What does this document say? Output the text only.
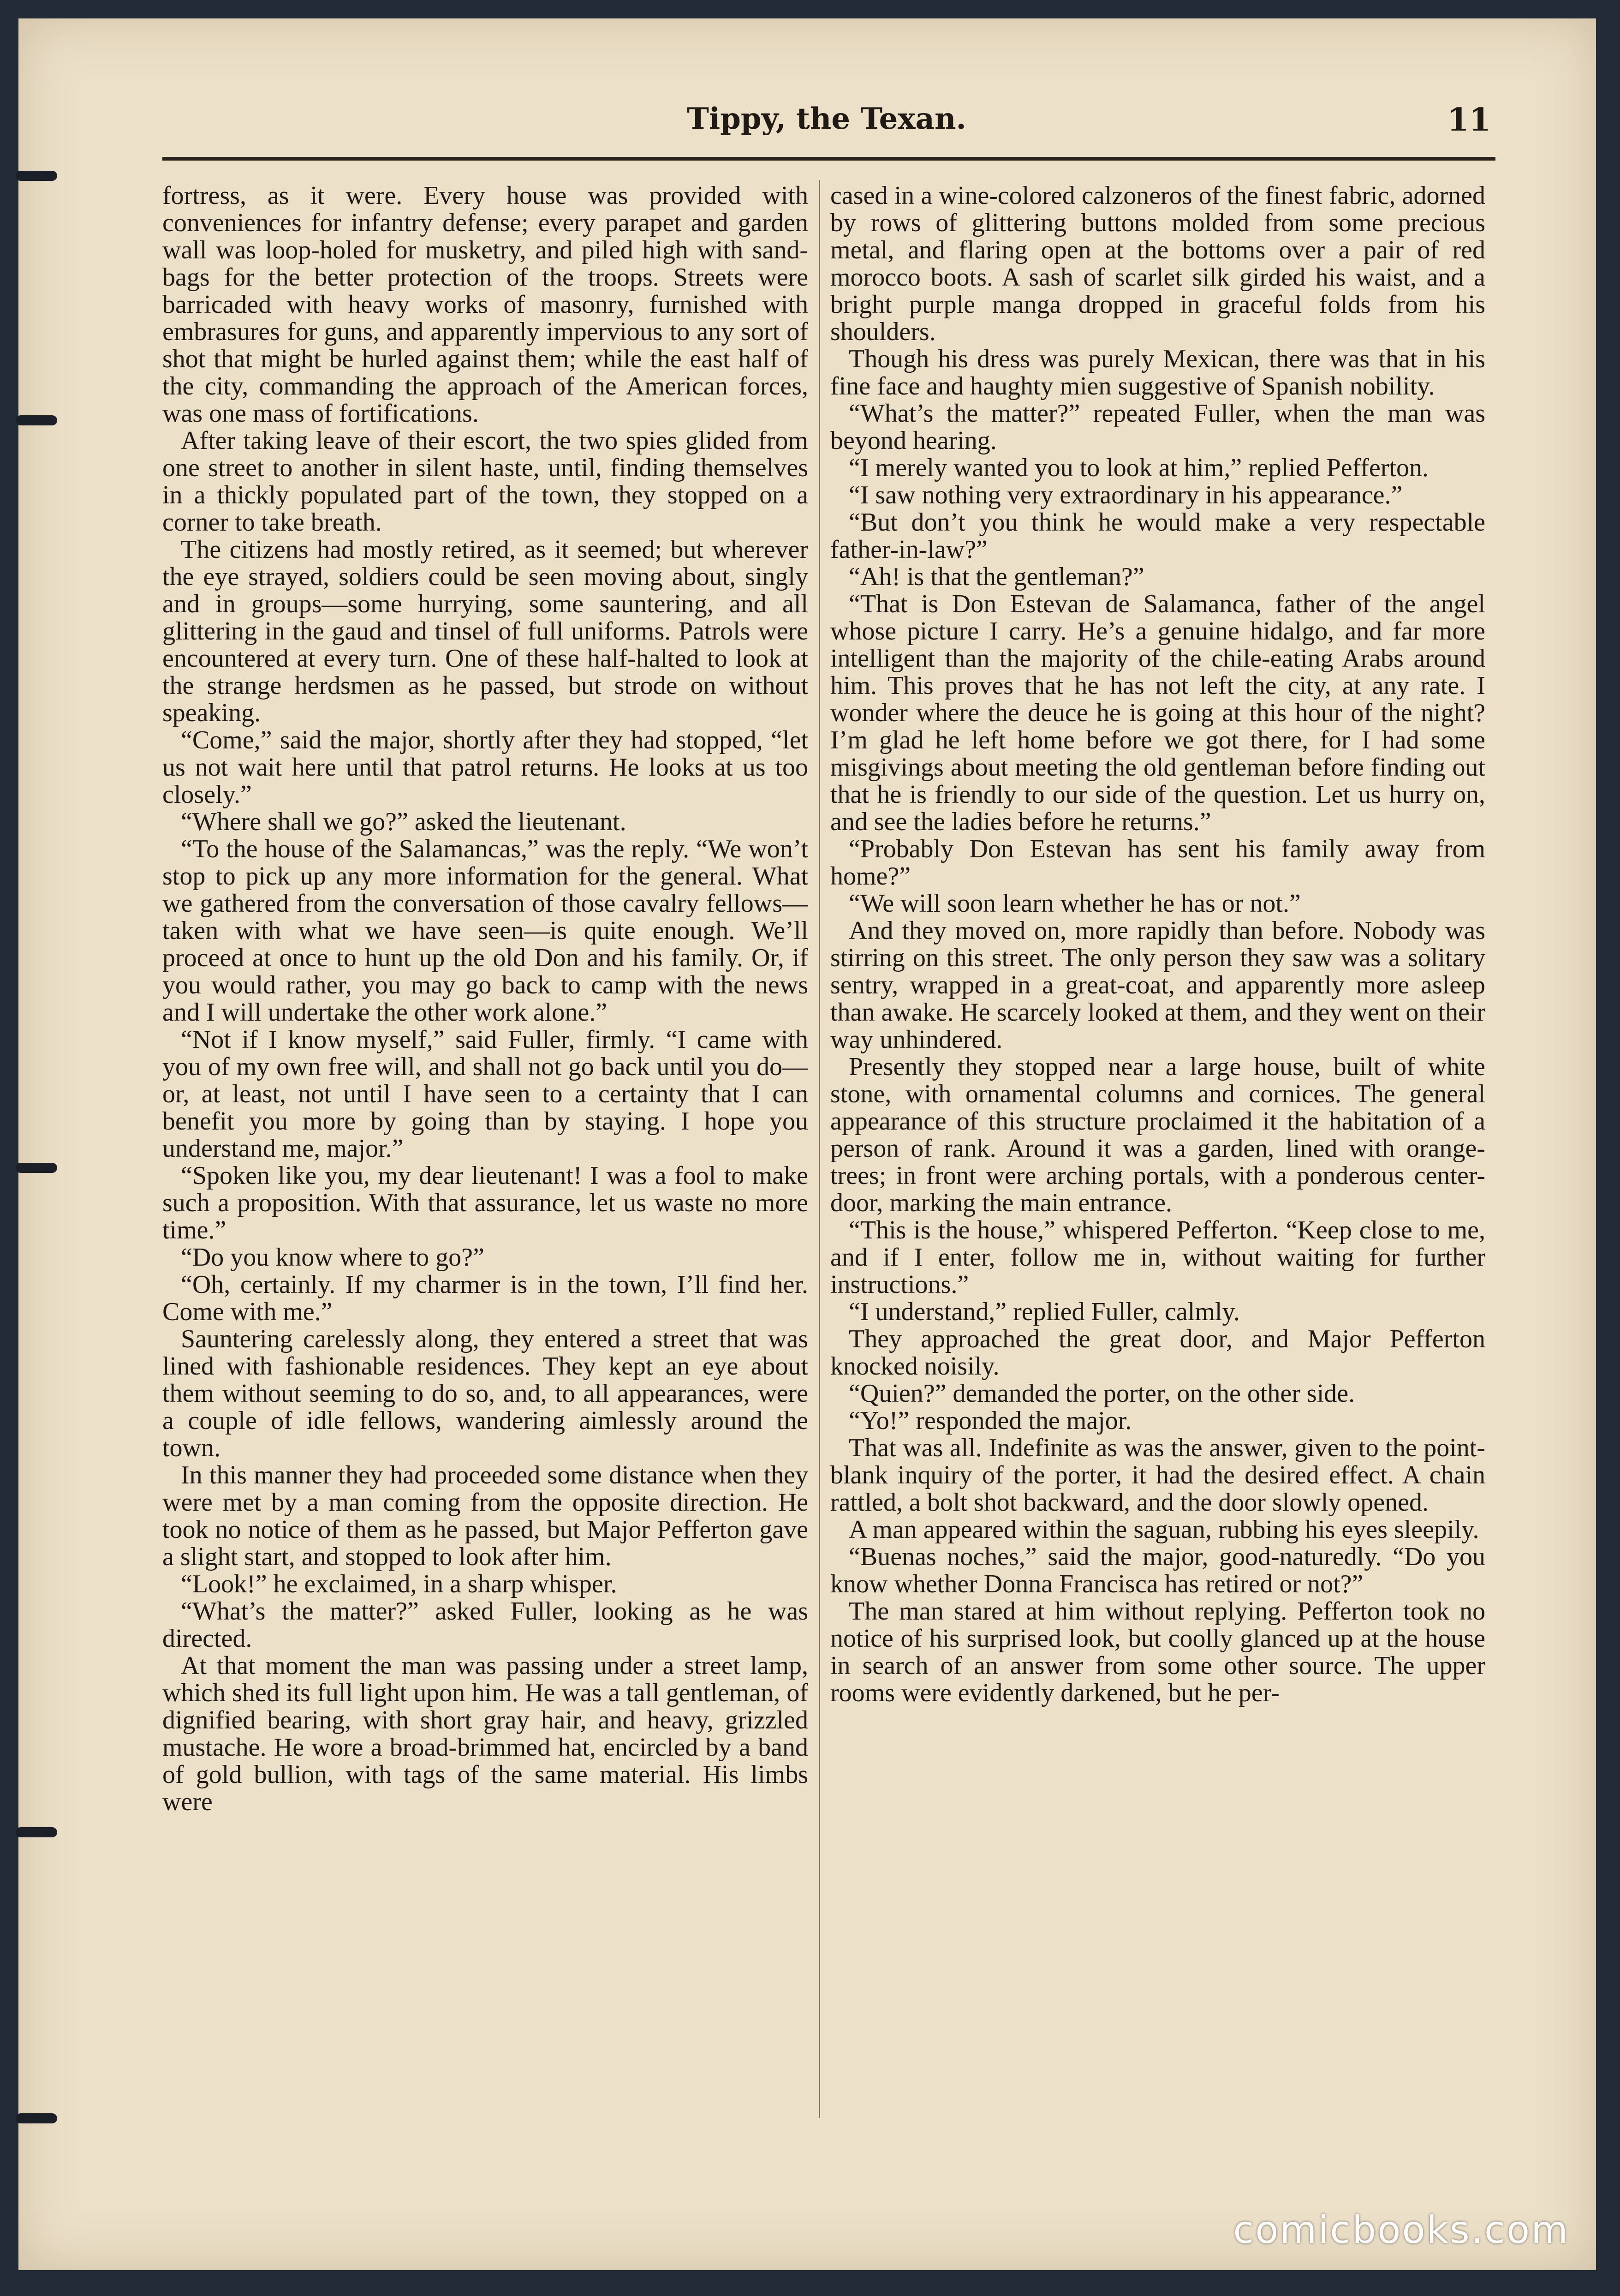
Tippy, the Texan.	11

fortress, as it were. Every house was provided with conveniences for infantry defense; every parapet and garden wall was loop-holed for musketry, and piled high with sand-bags for the better protection of the troops. Streets were barricaded with heavy works of masonry, furnished with embrasures for guns, and apparently impervious to any sort of shot that might be hurled against them; while the east half of the city, commanding the approach of the American forces, was one mass of fortifications.

After taking leave of their escort, the two spies glided from one street to another in silent haste, until, finding themselves in a thickly populated part of the town, they stopped on a corner to take breath.

The citizens had mostly retired, as it seemed; but wherever the eye strayed, soldiers could be seen moving about, singly and in groups—some hurrying, some sauntering, and all glittering in the gaud and tinsel of full uniforms. Patrols were encountered at every turn. One of these half-halted to look at the strange herdsmen as he passed, but strode on without speaking.

“Come,” said the major, shortly after they had stopped, “let us not wait here until that patrol returns. He looks at us too closely.”

“Where shall we go?” asked the lieutenant.

“To the house of the Salamancas,” was the reply. “We won’t stop to pick up any more information for the general. What we gathered from the conversation of those cavalry fellows—taken with what we have seen—is quite enough. We’ll proceed at once to hunt up the old Don and his family. Or, if you would rather, you may go back to camp with the news and I will undertake the other work alone.”

“Not if I know myself,” said Fuller, firmly. “I came with you of my own free will, and shall not go back until you do—or, at least, not until I have seen to a certainty that I can benefit you more by going than by staying. I hope you understand me, major.”

“Spoken like you, my dear lieutenant! I was a fool to make such a proposition. With that assurance, let us waste no more time.”

“Do you know where to go?”

“Oh, certainly. If my charmer is in the town, I’ll find her. Come with me.”

Sauntering carelessly along, they entered a street that was lined with fashionable residences. They kept an eye about them without seeming to do so, and, to all appearances, were a couple of idle fellows, wandering aimlessly around the town.

In this manner they had proceeded some distance when they were met by a man coming from the opposite direction. He took no notice of them as he passed, but Major Pefferton gave a slight start, and stopped to look after him.

“Look!” he exclaimed, in a sharp whisper.

“What’s the matter?” asked Fuller, looking as he was directed.

At that moment the man was passing under a street lamp, which shed its full light upon him. He was a tall gentleman, of dignified bearing, with short gray hair, and heavy, grizzled mustache. He wore a broad-brimmed hat, encircled by a band of gold bullion, with tags of the same material. His limbs were

cased in a wine-colored calzoneros of the finest fabric, adorned by rows of glittering buttons molded from some precious metal, and flaring open at the bottoms over a pair of red morocco boots. A sash of scarlet silk girded his waist, and a bright purple manga dropped in graceful folds from his shoulders.

Though his dress was purely Mexican, there was that in his fine face and haughty mien suggestive of Spanish nobility.

“What’s the matter?” repeated Fuller, when the man was beyond hearing.

“I merely wanted you to look at him,” replied Pefferton.

“I saw nothing very extraordinary in his appearance.”

“But don’t you think he would make a very respectable father-in-law?”

“Ah! is that the gentleman?”

“That is Don Estevan de Salamanca, father of the angel whose picture I carry. He’s a genuine hidalgo, and far more intelligent than the majority of the chile-eating Arabs around him. This proves that he has not left the city, at any rate. I wonder where the deuce he is going at this hour of the night? I’m glad he left home before we got there, for I had some misgivings about meeting the old gentleman before finding out that he is friendly to our side of the question. Let us hurry on, and see the ladies before he returns.”

“Probably Don Estevan has sent his family away from home?”

“We will soon learn whether he has or not.”

And they moved on, more rapidly than before. Nobody was stirring on this street. The only person they saw was a solitary sentry, wrapped in a great-coat, and apparently more asleep than awake. He scarcely looked at them, and they went on their way unhindered.

Presently they stopped near a large house, built of white stone, with ornamental columns and cornices. The general appearance of this structure proclaimed it the habitation of a person of rank. Around it was a garden, lined with orange-trees; in front were arching portals, with a ponderous center-door, marking the main entrance.

“This is the house,” whispered Pefferton. “Keep close to me, and if I enter, follow me in, without waiting for further instructions.”

“I understand,” replied Fuller, calmly.

They approached the great door, and Major Pefferton knocked noisily.

“Quien?” demanded the porter, on the other side.

“Yo!” responded the major.

That was all. Indefinite as was the answer, given to the point-blank inquiry of the porter, it had the desired effect. A chain rattled, a bolt shot backward, and the door slowly opened.

A man appeared within the saguan, rubbing his eyes sleepily.

“Buenas noches,” said the major, good-naturedly. “Do you know whether Donna Francisca has retired or not?”

The man stared at him without replying. Pefferton took no notice of his surprised look, but coolly glanced up at the house in search of an answer from some other source. The upper rooms were evidently darkened, but he per-

comicbooks.com
